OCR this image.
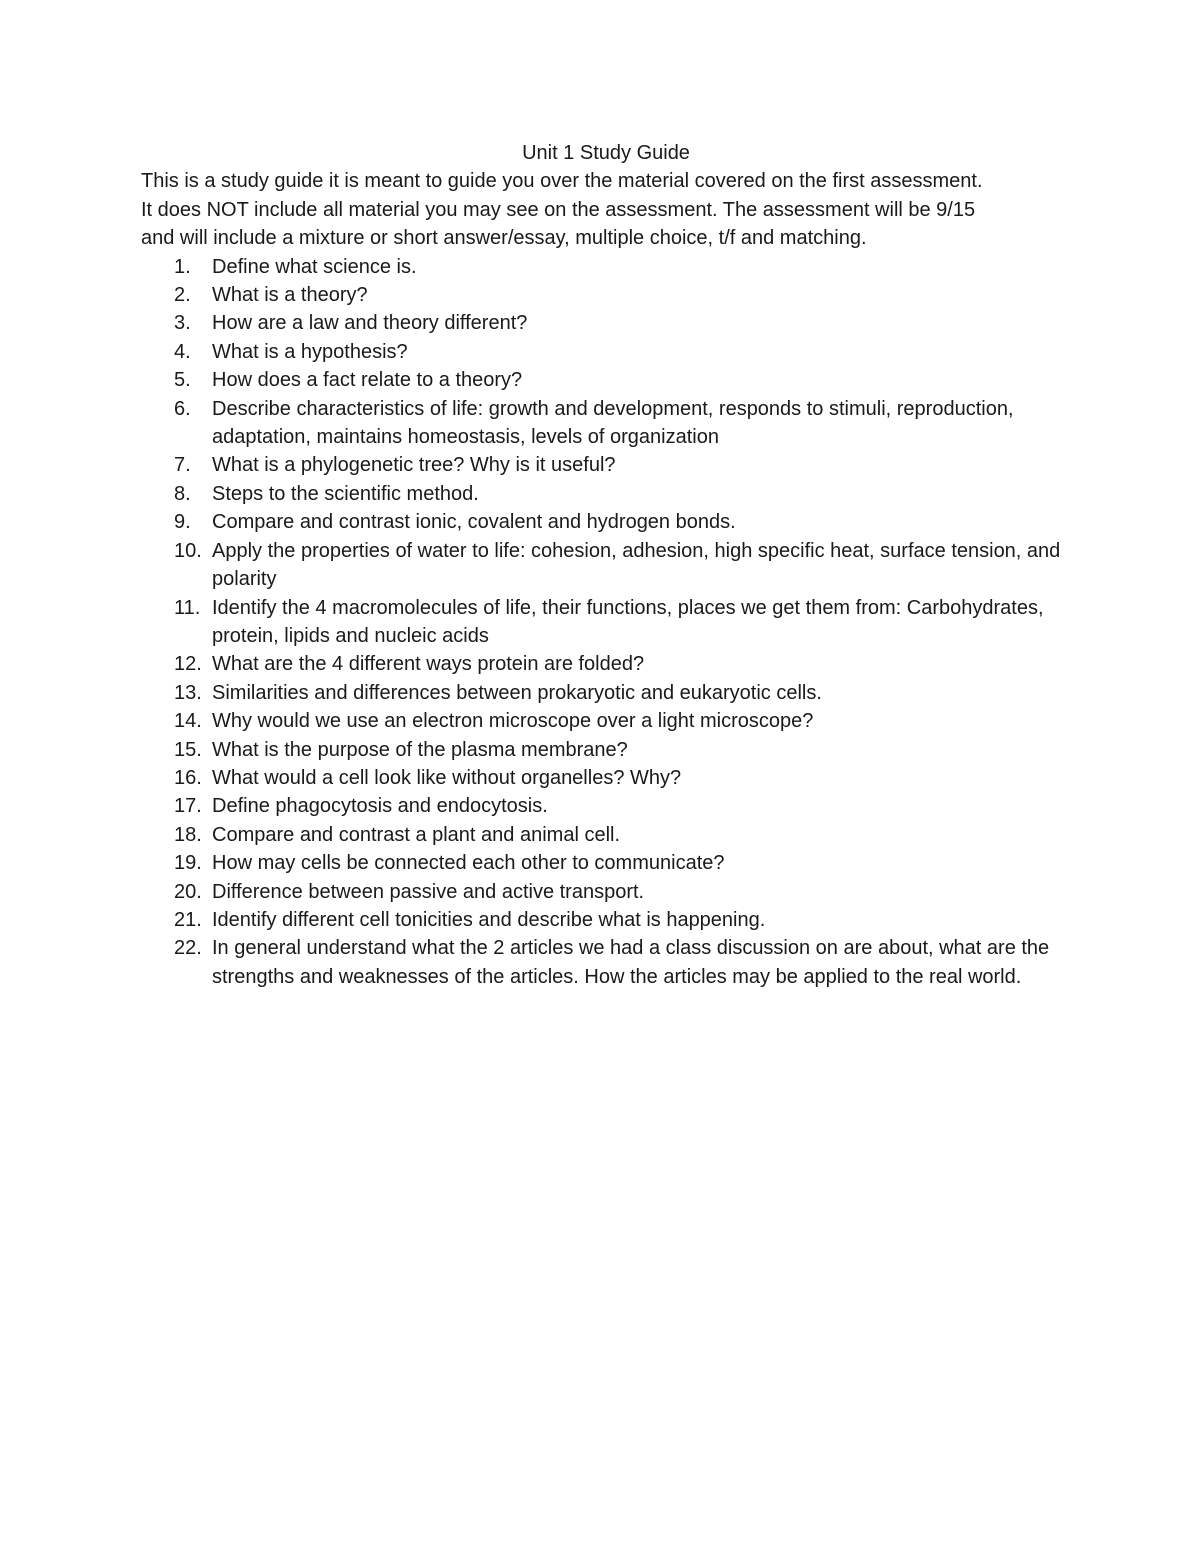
Unit 1 Study Guide

This is a study guide it is meant to guide you over the material covered on the first assessment.
It does NOT include all material you may see on the assessment. The assessment will be 9/15
and will include a mixture or short answer/essay, multiple choice, t/f and matching.

1. Define what science is.
2. What is a theory?
3. How are a law and theory different?
4. What is a hypothesis?
5. How does a fact relate to a theory?
6. Describe characteristics of life: growth and development, responds to stimuli, reproduction, adaptation, maintains homeostasis, levels of organization
7. What is a phylogenetic tree? Why is it useful?
8. Steps to the scientific method.
9. Compare and contrast ionic, covalent and hydrogen bonds.
10. Apply the properties of water to life: cohesion, adhesion, high specific heat, surface tension, and polarity
11. Identify the 4 macromolecules of life, their functions, places we get them from: Carbohydrates, protein, lipids and nucleic acids
12. What are the 4 different ways protein are folded?
13. Similarities and differences between prokaryotic and eukaryotic cells.
14. Why would we use an electron microscope over a light microscope?
15. What is the purpose of the plasma membrane?
16. What would a cell look like without organelles? Why?
17. Define phagocytosis and endocytosis.
18. Compare and contrast a plant and animal cell.
19. How may cells be connected each other to communicate?
20. Difference between passive and active transport.
21. Identify different cell tonicities and describe what is happening.
22. In general understand what the 2 articles we had a class discussion on are about, what are the strengths and weaknesses of the articles. How the articles may be applied to the real world.
